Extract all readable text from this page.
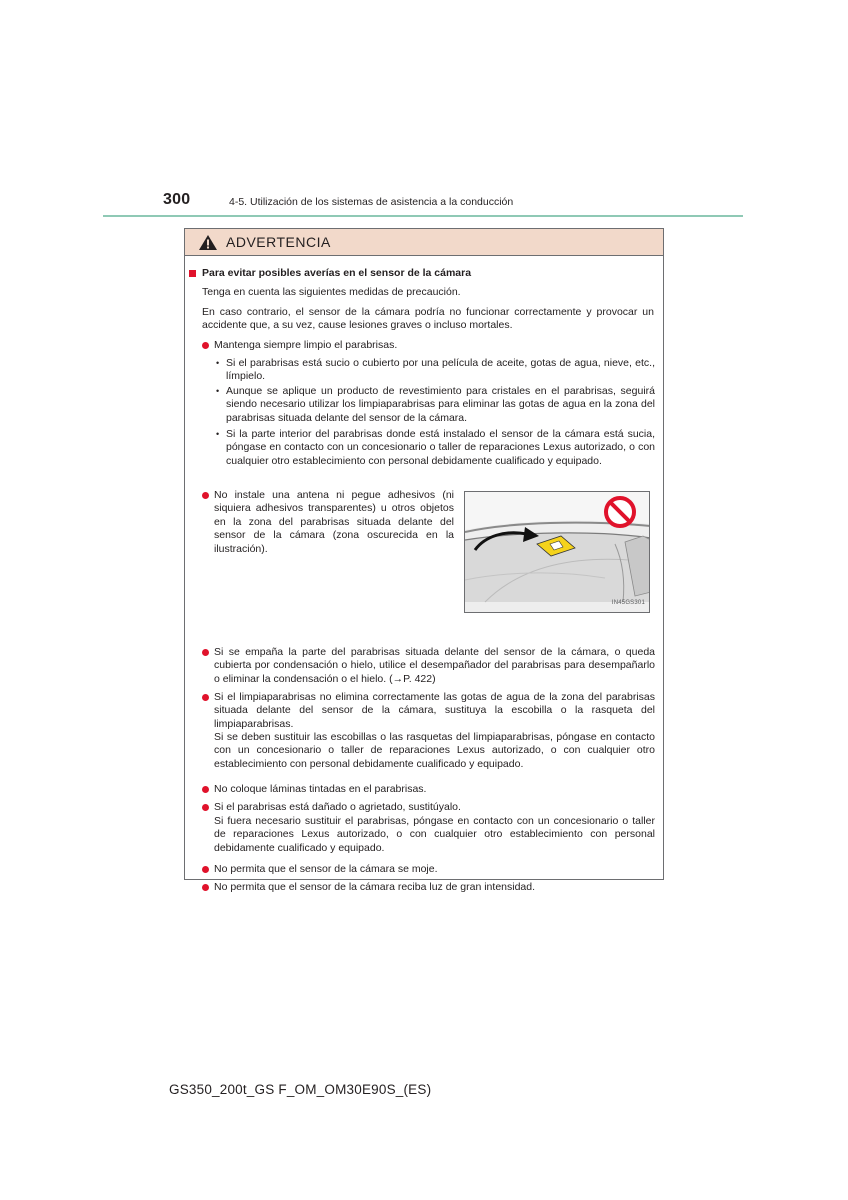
300	4-5. Utilización de los sistemas de asistencia a la conducción
ADVERTENCIA
Para evitar posibles averías en el sensor de la cámara
Tenga en cuenta las siguientes medidas de precaución.
En caso contrario, el sensor de la cámara podría no funcionar correctamente y provocar un accidente que, a su vez, cause lesiones graves o incluso mortales.
Mantenga siempre limpio el parabrisas.
• Si el parabrisas está sucio o cubierto por una película de aceite, gotas de agua, nieve, etc., límpielo.
• Aunque se aplique un producto de revestimiento para cristales en el parabrisas, seguirá siendo necesario utilizar los limpiaparabrisas para eliminar las gotas de agua en la zona del parabrisas situada delante del sensor de la cámara.
• Si la parte interior del parabrisas donde está instalado el sensor de la cámara está sucia, póngase en contacto con un concesionario o taller de reparaciones Lexus autorizado, o con cualquier otro establecimiento con personal debidamente cualificado y equipado.
No instale una antena ni pegue adhesivos (ni siquiera adhesivos transparentes) u otros objetos en la zona del parabrisas situada delante del sensor de la cámara (zona oscurecida en la ilustración).
IN45GS301
Si se empaña la parte del parabrisas situada delante del sensor de la cámara, o queda cubierta por condensación o hielo, utilice el desempañador del parabrisas para desempañarlo o eliminar la condensación o el hielo. (→P. 422)
Si el limpiaparabrisas no elimina correctamente las gotas de agua de la zona del parabrisas situada delante del sensor de la cámara, sustituya la escobilla o la rasqueta del limpiaparabrisas.
Si se deben sustituir las escobillas o las rasquetas del limpiaparabrisas, póngase en contacto con un concesionario o taller de reparaciones Lexus autorizado, o con cualquier otro establecimiento con personal debidamente cualificado y equipado.
No coloque láminas tintadas en el parabrisas.
Si el parabrisas está dañado o agrietado, sustitúyalo.
Si fuera necesario sustituir el parabrisas, póngase en contacto con un concesionario o taller de reparaciones Lexus autorizado, o con cualquier otro establecimiento con personal debidamente cualificado y equipado.
No permita que el sensor de la cámara se moje.
No permita que el sensor de la cámara reciba luz de gran intensidad.
GS350_200t_GS F_OM_OM30E90S_(ES)
